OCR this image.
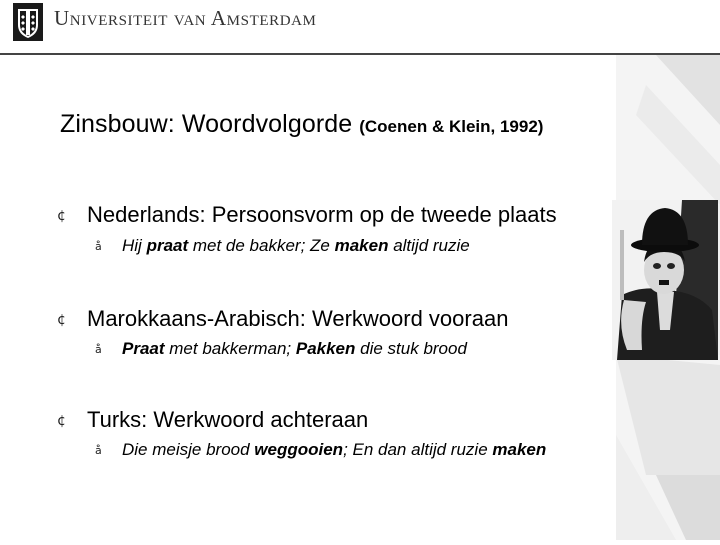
Universiteit van Amsterdam
Zinsbouw: Woordvolgorde (Coenen & Klein, 1992)
¢ Nederlands: Persoonsvorm op de tweede plaats
å Hij praat met de bakker; Ze maken altijd ruzie
¢ Marokkaans-Arabisch: Werkwoord vooraan
å Praat met bakkerman; Pakken die stuk brood
¢ Turks: Werkwoord achteraan
å Die meisje brood weggooien; En dan altijd ruzie maken
